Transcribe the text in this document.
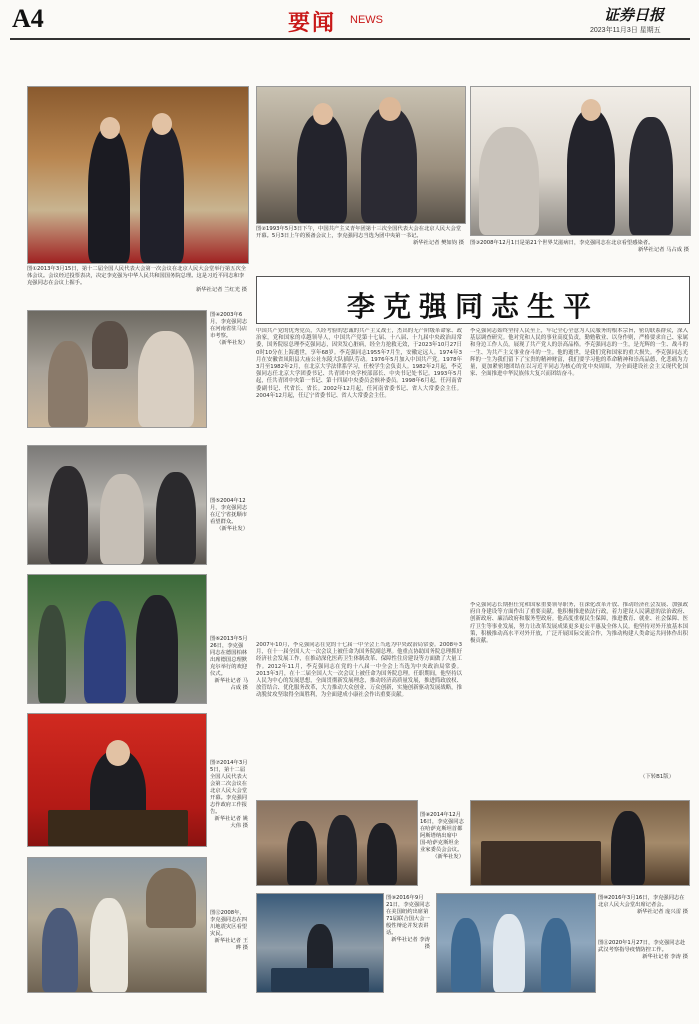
A4	要闻 NEWS	证券日报
2023年11月3日 星期五
图①2013年3月15日，第十二届全国人民代表大会第一次会议在北京人民大会堂举行第五次全体会议。会议经过投票表决，决定李克强为中华人民共和国国务院总理。这是习近平同志和李克强同志在会议上握手。
新华社记者 兰红光 摄
图②1993年5月3日下午，中国共产主义青年团第十三次全国代表大会在北京人民大会堂开幕。5月3日上午的预备会议上，李克强同志当选为团中央第一书记。
新华社记者 樊如钧 摄 图③2008年12月1日是第21个世界艾滋病日，李克强同志在北京看望感染者。
新华社记者 马占成 摄
李克强同志生平
图④2003年6月，李克强同志在河南省驻马店市考察。
（新华社发）
图⑤2004年12月，李克强同志在辽宁省抚顺市看望群众。
（新华社发）
图⑥2013年5月26日，李克强同志在德国柏林出席德国总理默克尔举行的欢迎仪式。
新华社记者 马占成 摄
图⑦2014年3月5日，第十二届全国人民代表大会第二次会议在北京人民大会堂开幕。李克强同志作政府工作报告。
新华社记者 姚大伟 摄
图⑫2008年，李克强同志在四川地震灾区看望灾民。
新华社记者 王晔 摄
中国共产党的优秀党员，久经考验的忠诚的共产主义战士，杰出的无产阶级革命家、政治家，党和国家的卓越领导人，中国共产党第十七届、十八届、十九届中央政治局常委，国务院原总理李克强同志，因突发心脏病，经全力抢救无效，于2023年10月27日0时10分在上海逝世，享年68岁。李克强同志1955年7月生，安徽定远人。1974年3月在安徽省凤阳县大庙公社东陵大队插队劳动。1976年5月加入中国共产党。1978年3月至1982年2月，在北京大学法律系学习，任校学生会负责人。1982年2月起，李克强同志任北京大学团委书记、共青团中央学校部部长、中央书记处书记。1993年5月起，任共青团中央第一书记、第十四届中央委员会候补委员。1998年6月起，任河南省委副书记、代省长、省长。2002年12月起，任河南省委书记、省人大常委会主任。2004年12月起，任辽宁省委书记、省人大常委会主任。
2007年10月，李克强同志在党的十七届一中全会上当选为中央政治局常委。2008年3月，在十一届全国人大一次会议上被任命为国务院副总理。他重点协助国务院总理抓好经济社会发展工作，在推动深化医药卫生体制改革、保障性住房建设等方面做了大量工作。2012年11月，李克强同志在党的十八届一中全会上当选为中央政治局常委。2013年3月，在十二届全国人大一次会议上被任命为国务院总理。任职期间，他坚持以人民为中心的发展思想，全面贯彻新发展理念，推动经济高质量发展，推进简政放权、放管结合、优化服务改革，大力推动大众创业、万众创新，实施创新驱动发展战略，推动脱贫攻坚取得全面胜利，为全面建成小康社会作出重要贡献。
李克强同志始终坚持人民至上，牢记全心全意为人民服务的根本宗旨，密切联系群众，深入基层调查研究。他对党和人民的事业高度负责，勤勉敬业、以身作则，严格要求自己、家属和身边工作人员，展现了共产党人的崇高品格。李克强同志的一生，是光辉的一生、战斗的一生、为共产主义事业奋斗的一生。他的逝世，是我们党和国家的重大损失。李克强同志光辉的一生为我们留下了宝贵的精神财富，我们要学习他的革命精神和崇高品德，化悲痛为力量，更加紧密地团结在以习近平同志为核心的党中央周围，为全面建设社会主义现代化国家、全面推进中华民族伟大复兴而团结奋斗。
李克强同志长期担任党和国家重要领导职务，在深化改革开放、推动经济社会发展、加强政府自身建设等方面作出了重要贡献。他积极推进依法行政，着力建设人民满意的法治政府、创新政府、廉洁政府和服务型政府。他高度重视民生保障，推进教育、就业、社会保障、医疗卫生等事业发展，努力让改革发展成果更多更公平惠及全体人民。他坚持对外开放基本国策，积极推动高水平对外开放，广泛开展国际交流合作，为推动构建人类命运共同体作出积极贡献。
（下转B1版）
图⑧2014年12月16日，李克强同志在哈萨克斯坦首都阿斯塔纳出席中国-哈萨克斯坦企业家委员会会议。
（新华社发）
图⑨2016年9月21日，李克强同志在美国纽约出席第71届联合国大会一般性辩论并发表讲话。
新华社记者 李涛 摄
图⑩2016年3月16日，李克强同志在北京人民大会堂出席记者会。
新华社记者 庞兴雷 摄
图⑪2020年1月27日，李克强同志赴武汉考察指导疫情防控工作。
新华社记者 李涛 摄
